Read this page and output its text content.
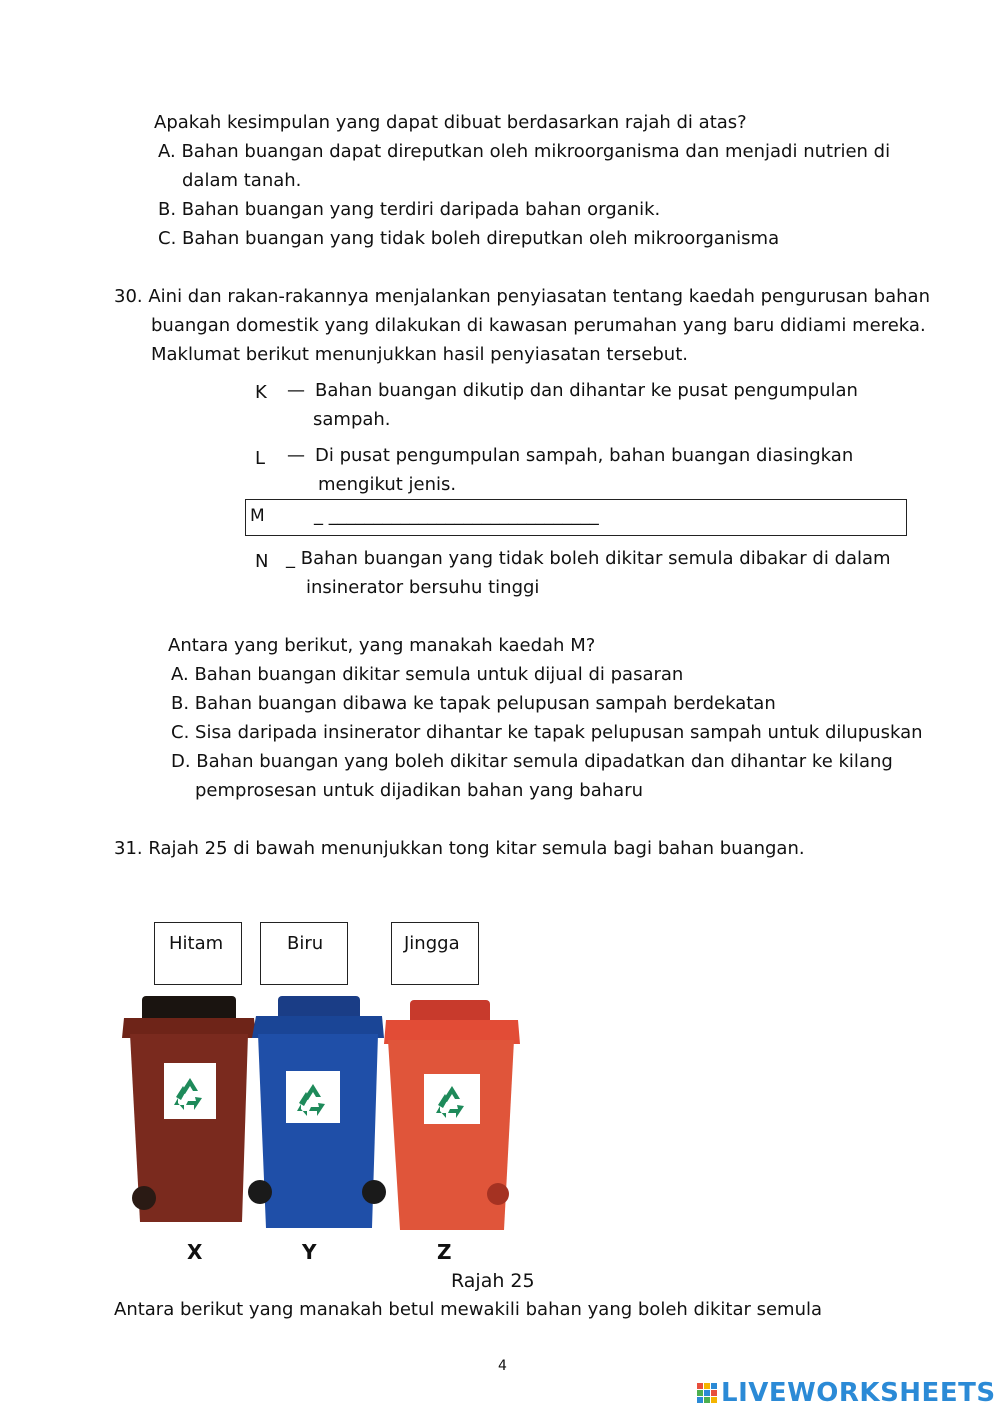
Apakah kesimpulan yang dapat dibuat berdasarkan rajah di atas?
A. Bahan buangan dapat direputkan oleh mikroorganisma dan menjadi nutrien di
dalam tanah.
B. Bahan buangan yang terdiri daripada bahan organik.
C. Bahan buangan yang tidak boleh direputkan oleh mikroorganisma
30. Aini dan rakan-rakannya menjalankan penyiasatan tentang kaedah pengurusan bahan
buangan domestik yang dilakukan di kawasan perumahan yang baru didiami mereka.
Maklumat berikut menunjukkan hasil penyiasatan tersebut.
K — Bahan buangan dikutip dan dihantar ke pusat pengumpulan
sampah.
L — Di pusat pengumpulan sampah, bahan buangan diasingkan
mengikut jenis.
M	_ ______________________________
N _ Bahan buangan yang tidak boleh dikitar semula dibakar di dalam
insinerator bersuhu tinggi
Antara yang berikut, yang manakah kaedah M?
A. Bahan buangan dikitar semula untuk dijual di pasaran
B. Bahan buangan dibawa ke tapak pelupusan sampah berdekatan
C. Sisa daripada insinerator dihantar ke tapak pelupusan sampah untuk dilupuskan
D. Bahan buangan yang boleh dikitar semula dipadatkan dan dihantar ke kilang
pemprosesan untuk dijadikan bahan yang baharu
31. Rajah 25 di bawah menunjukkan tong kitar semula bagi bahan buangan.
Hitam	Biru	Jingga
X	Y	Z
Rajah 25
Antara berikut yang manakah betul mewakili bahan yang boleh dikitar semula
4
LIVEWORKSHEETS
